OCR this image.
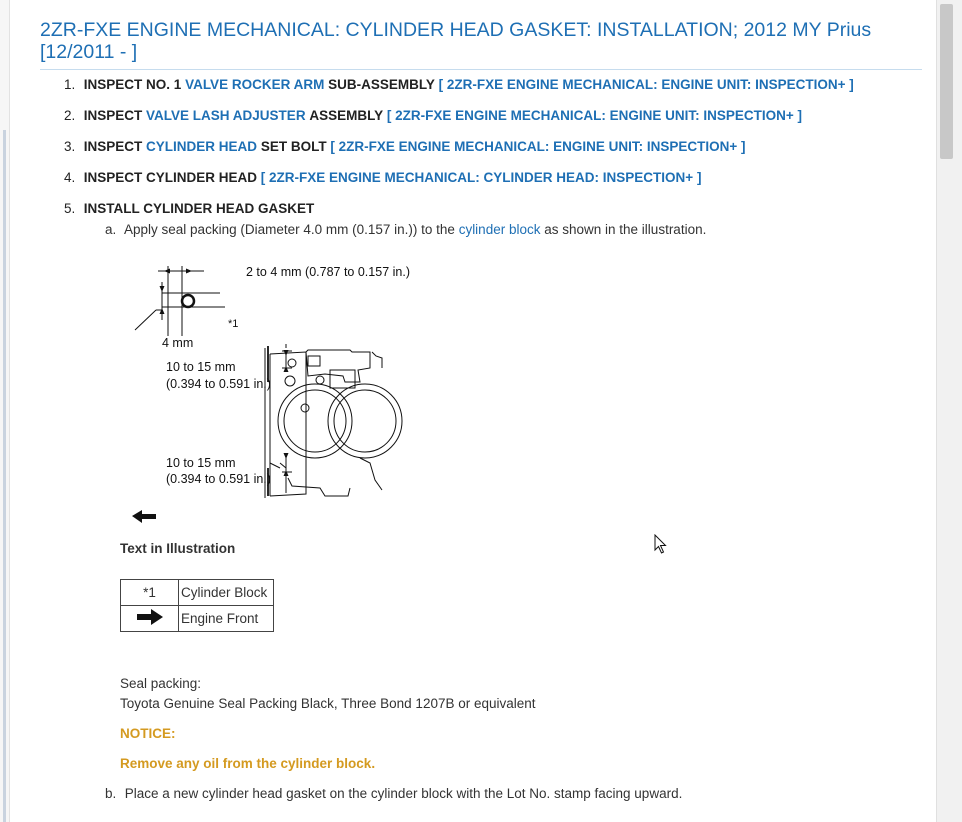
2ZR-FXE ENGINE MECHANICAL: CYLINDER HEAD GASKET: INSTALLATION; 2012 MY Prius [12/2011 - ]
1. INSPECT NO. 1 VALVE ROCKER ARM SUB-ASSEMBLY [ 2ZR-FXE ENGINE MECHANICAL: ENGINE UNIT: INSPECTION+ ]
2. INSPECT VALVE LASH ADJUSTER ASSEMBLY [ 2ZR-FXE ENGINE MECHANICAL: ENGINE UNIT: INSPECTION+ ]
3. INSPECT CYLINDER HEAD SET BOLT [ 2ZR-FXE ENGINE MECHANICAL: ENGINE UNIT: INSPECTION+ ]
4. INSPECT CYLINDER HEAD [ 2ZR-FXE ENGINE MECHANICAL: CYLINDER HEAD: INSPECTION+ ]
5. INSTALL CYLINDER HEAD GASKET
a. Apply seal packing (Diameter 4.0 mm (0.157 in.)) to the cylinder block as shown in the illustration.
2 to 4 mm (0.787 to 0.157 in.)
*1
4 mm
10 to 15 mm
(0.394 to 0.591 in.)
10 to 15 mm
(0.394 to 0.591 in.)
Text in Illustration
*1	Cylinder Block
	Engine Front
Seal packing:
Toyota Genuine Seal Packing Black, Three Bond 1207B or equivalent
NOTICE:
Remove any oil from the cylinder block.
b. Place a new cylinder head gasket on the cylinder block with the Lot No. stamp facing upward.
